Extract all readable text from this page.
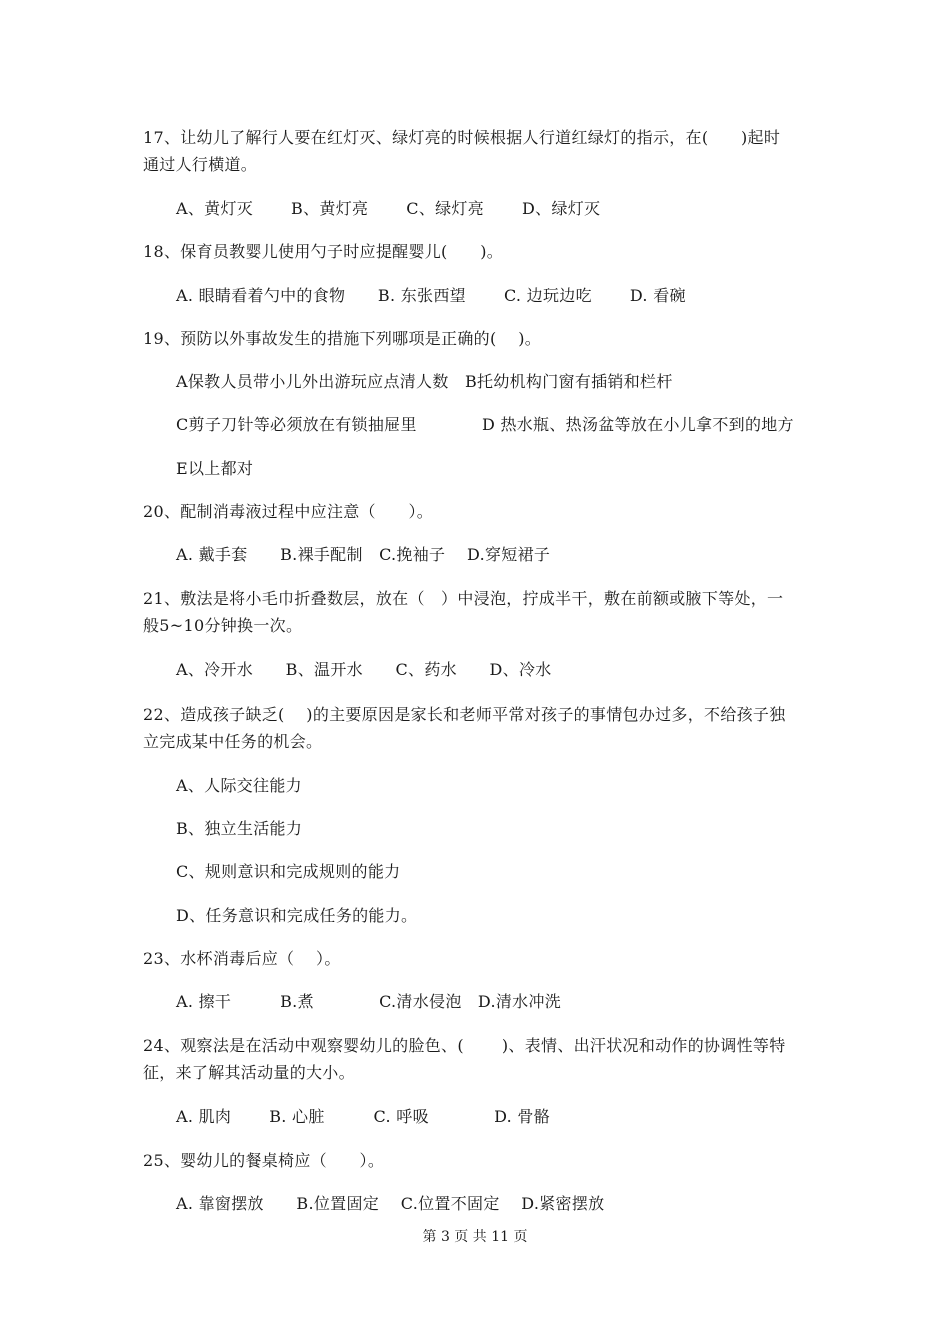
17、让幼儿了解行人要在红灯灭、绿灯亮的时候根据人行道红绿灯的指示，在(　　)起时
通过人行横道。
A、黄灯灭　　 B、黄灯亮　　 C、绿灯亮　　 D、绿灯灭
18、保育员教婴儿使用勺子时应提醒婴儿(　　)。
A. 眼睛看着勺中的食物　　B. 东张西望　　 C. 边玩边吃　　 D. 看碗
19、预防以外事故发生的措施下列哪项是正确的(　 )。
A保教人员带小儿外出游玩应点清人数　B托幼机构门窗有插销和栏杆
C剪子刀针等必须放在有锁抽屉里　　　　D 热水瓶、热汤盆等放在小儿拿不到的地方
E以上都对
20、配制消毒液过程中应注意（　　）。
A. 戴手套　　B.裸手配制　C.挽袖子　 D.穿短裙子
21、敷法是将小毛巾折叠数层，放在（　）中浸泡，拧成半干，敷在前额或腋下等处，一
般5~10分钟换一次。
A、冷开水　　B、温开水　　C、药水　　D、冷水
22、造成孩子缺乏(　 )的主要原因是家长和老师平常对孩子的事情包办过多，不给孩子独
立完成某中任务的机会。
A、人际交往能力
B、独立生活能力
C、规则意识和完成规则的能力
D、任务意识和完成任务的能力。
23、水杯消毒后应（　 ）。
A. 擦干　　　B.煮　　　　C.清水侵泡　D.清水冲洗
24、观察法是在活动中观察婴幼儿的脸色、(　　 )、表情、出汗状况和动作的协调性等特
征，来了解其活动量的大小。
A. 肌肉　　 B. 心脏　　　C. 呼吸　　　　D. 骨骼
25、婴幼儿的餐桌椅应（　　）。
A. 靠窗摆放　　B.位置固定　 C.位置不固定　 D.紧密摆放
第 3 页 共 11 页
